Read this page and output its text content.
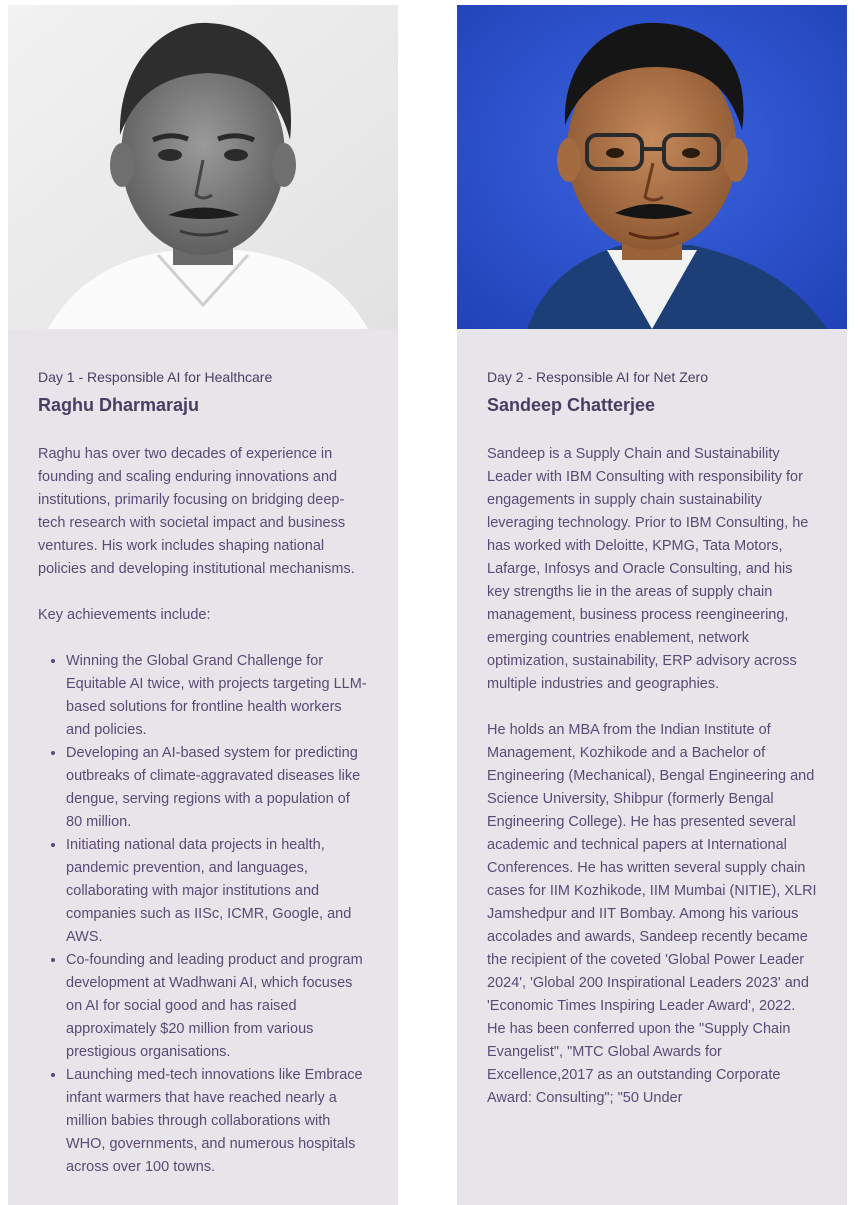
Day 1 - Responsible AI for Healthcare

Raghu Dharmaraju

Raghu has over two decades of experience in founding and scaling enduring innovations and institutions, primarily focusing on bridging deep-tech research with societal impact and business ventures. His work includes shaping national policies and developing institutional mechanisms.

Key achievements include:

• Winning the Global Grand Challenge for Equitable AI twice, with projects targeting LLM-based solutions for frontline health workers and policies.
• Developing an AI-based system for predicting outbreaks of climate-aggravated diseases like dengue, serving regions with a population of 80 million.
• Initiating national data projects in health, pandemic prevention, and languages, collaborating with major institutions and companies such as IISc, ICMR, Google, and AWS.
• Co-founding and leading product and program development at Wadhwani AI, which focuses on AI for social good and has raised approximately $20 million from various prestigious organisations.
• Launching med-tech innovations like Embrace infant warmers that have reached nearly a million babies through collaborations with WHO, governments, and numerous hospitals across over 100 towns.

Day 2 - Responsible AI for Net Zero

Sandeep Chatterjee

Sandeep is a Supply Chain and Sustainability Leader with IBM Consulting with responsibility for engagements in supply chain sustainability leveraging technology. Prior to IBM Consulting, he has worked with Deloitte, KPMG, Tata Motors, Lafarge, Infosys and Oracle Consulting, and his key strengths lie in the areas of supply chain management, business process reengineering, emerging countries enablement, network optimization, sustainability, ERP advisory across multiple industries and geographies.

He holds an MBA from the Indian Institute of Management, Kozhikode and a Bachelor of Engineering (Mechanical), Bengal Engineering and Science University, Shibpur (formerly Bengal Engineering College). He has presented several academic and technical papers at International Conferences. He has written several supply chain cases for IIM Kozhikode, IIM Mumbai (NITIE), XLRI Jamshedpur and IIT Bombay. Among his various accolades and awards, Sandeep recently became the recipient of the coveted 'Global Power Leader 2024', 'Global 200 Inspirational Leaders 2023' and 'Economic Times Inspiring Leader Award', 2022. He has been conferred upon the "Supply Chain Evangelist", "MTC Global Awards for Excellence,2017 as an outstanding Corporate Award: Consulting"; "50 Under
